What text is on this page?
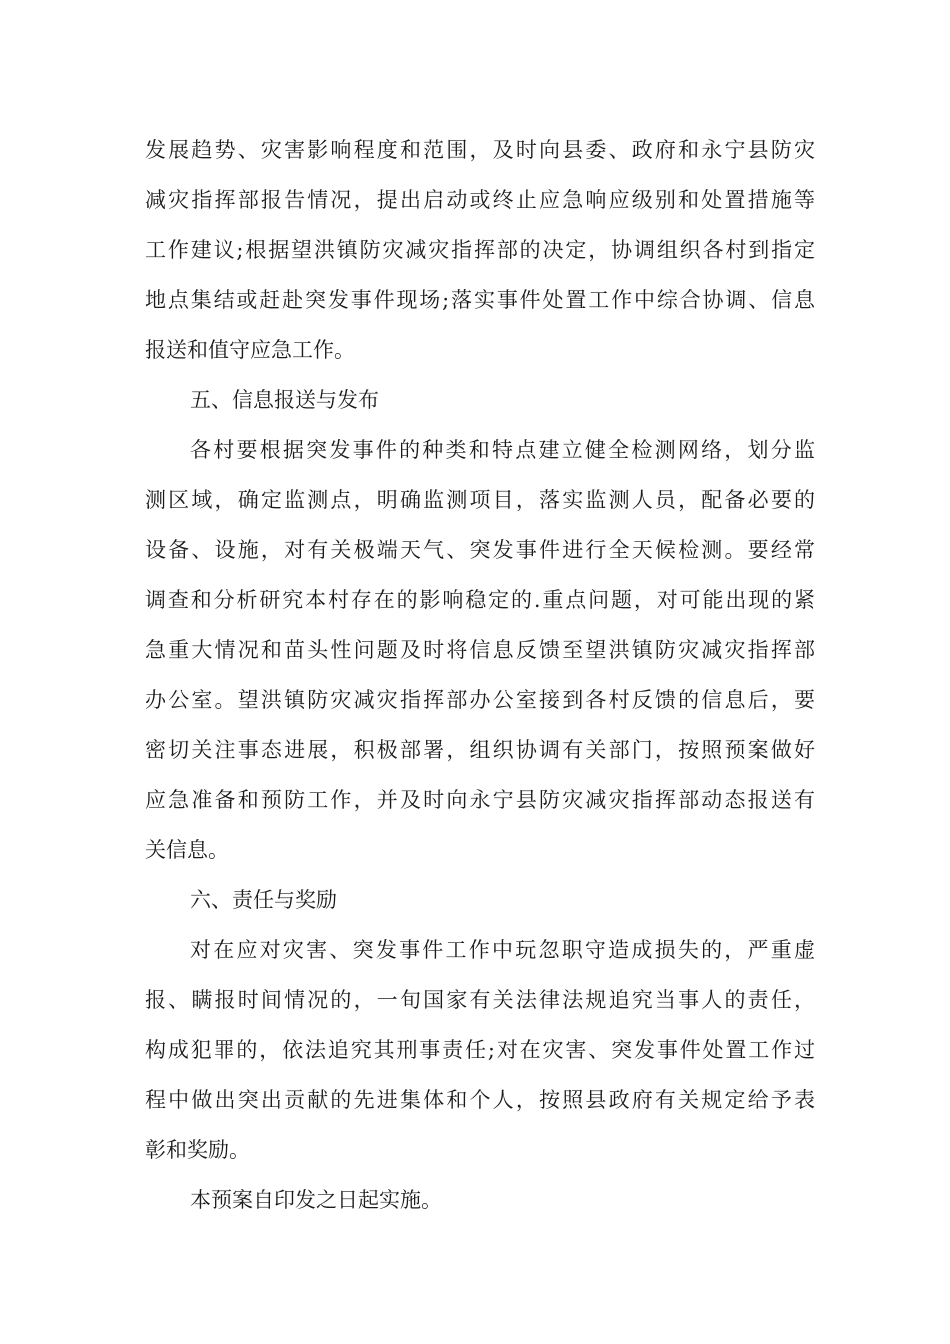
发展趋势、灾害影响程度和范围，及时向县委、政府和永宁县防灾
减灾指挥部报告情况，提出启动或终止应急响应级别和处置措施等
工作建议;根据望洪镇防灾减灾指挥部的决定，协调组织各村到指定
地点集结或赶赴突发事件现场;落实事件处置工作中综合协调、信息
报送和值守应急工作。
五、信息报送与发布
各村要根据突发事件的种类和特点建立健全检测网络，划分监
测区域，确定监测点，明确监测项目，落实监测人员，配备必要的
设备、设施，对有关极端天气、突发事件进行全天候检测。要经常
调查和分析研究本村存在的影响稳定的.重点问题，对可能出现的紧
急重大情况和苗头性问题及时将信息反馈至望洪镇防灾减灾指挥部
办公室。望洪镇防灾减灾指挥部办公室接到各村反馈的信息后，要
密切关注事态进展，积极部署，组织协调有关部门，按照预案做好
应急准备和预防工作，并及时向永宁县防灾减灾指挥部动态报送有
关信息。
六、责任与奖励
对在应对灾害、突发事件工作中玩忽职守造成损失的，严重虚
报、瞒报时间情况的，一旬国家有关法律法规追究当事人的责任，
构成犯罪的，依法追究其刑事责任;对在灾害、突发事件处置工作过
程中做出突出贡献的先进集体和个人，按照县政府有关规定给予表
彰和奖励。
本预案自印发之日起实施。
